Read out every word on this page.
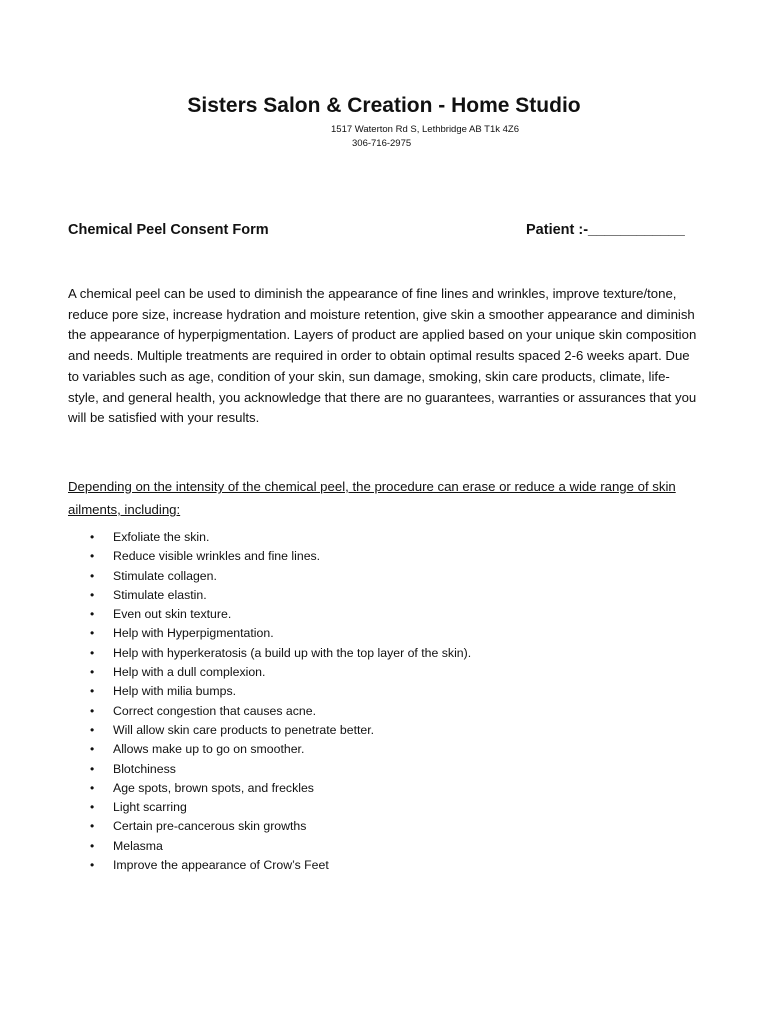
Sisters Salon & Creation - Home Studio

1517 Waterton Rd S, Lethbridge AB T1k 4Z6

306-716-2975

Chemical Peel Consent Form	Patient :-____________

A chemical peel can be used to diminish the appearance of fine lines and wrinkles, improve texture/tone, reduce pore size, increase hydration and moisture retention, give skin a smoother appearance and diminish the appearance of hyperpigmentation. Layers of product are applied based on your unique skin composition and needs. Multiple treatments are required in order to obtain optimal results spaced 2-6 weeks apart. Due to variables such as age, condition of your skin, sun damage, smoking, skin care products, climate, life-style, and general health, you acknowledge that there are no guarantees, warranties or assurances that you will be satisfied with your results.

Depending on the intensity of the chemical peel, the procedure can erase or reduce a wide range of skin ailments, including:

• Exfoliate the skin.
• Reduce visible wrinkles and fine lines.
• Stimulate collagen.
• Stimulate elastin.
• Even out skin texture.
• Help with Hyperpigmentation.
• Help with hyperkeratosis (a build up with the top layer of the skin).
• Help with a dull complexion.
• Help with milia bumps.
• Correct congestion that causes acne.
• Will allow skin care products to penetrate better.
• Allows make up to go on smoother.
• Blotchiness
• Age spots, brown spots, and freckles
• Light scarring
• Certain pre-cancerous skin growths
• Melasma
• Improve the appearance of Crow’s Feet
